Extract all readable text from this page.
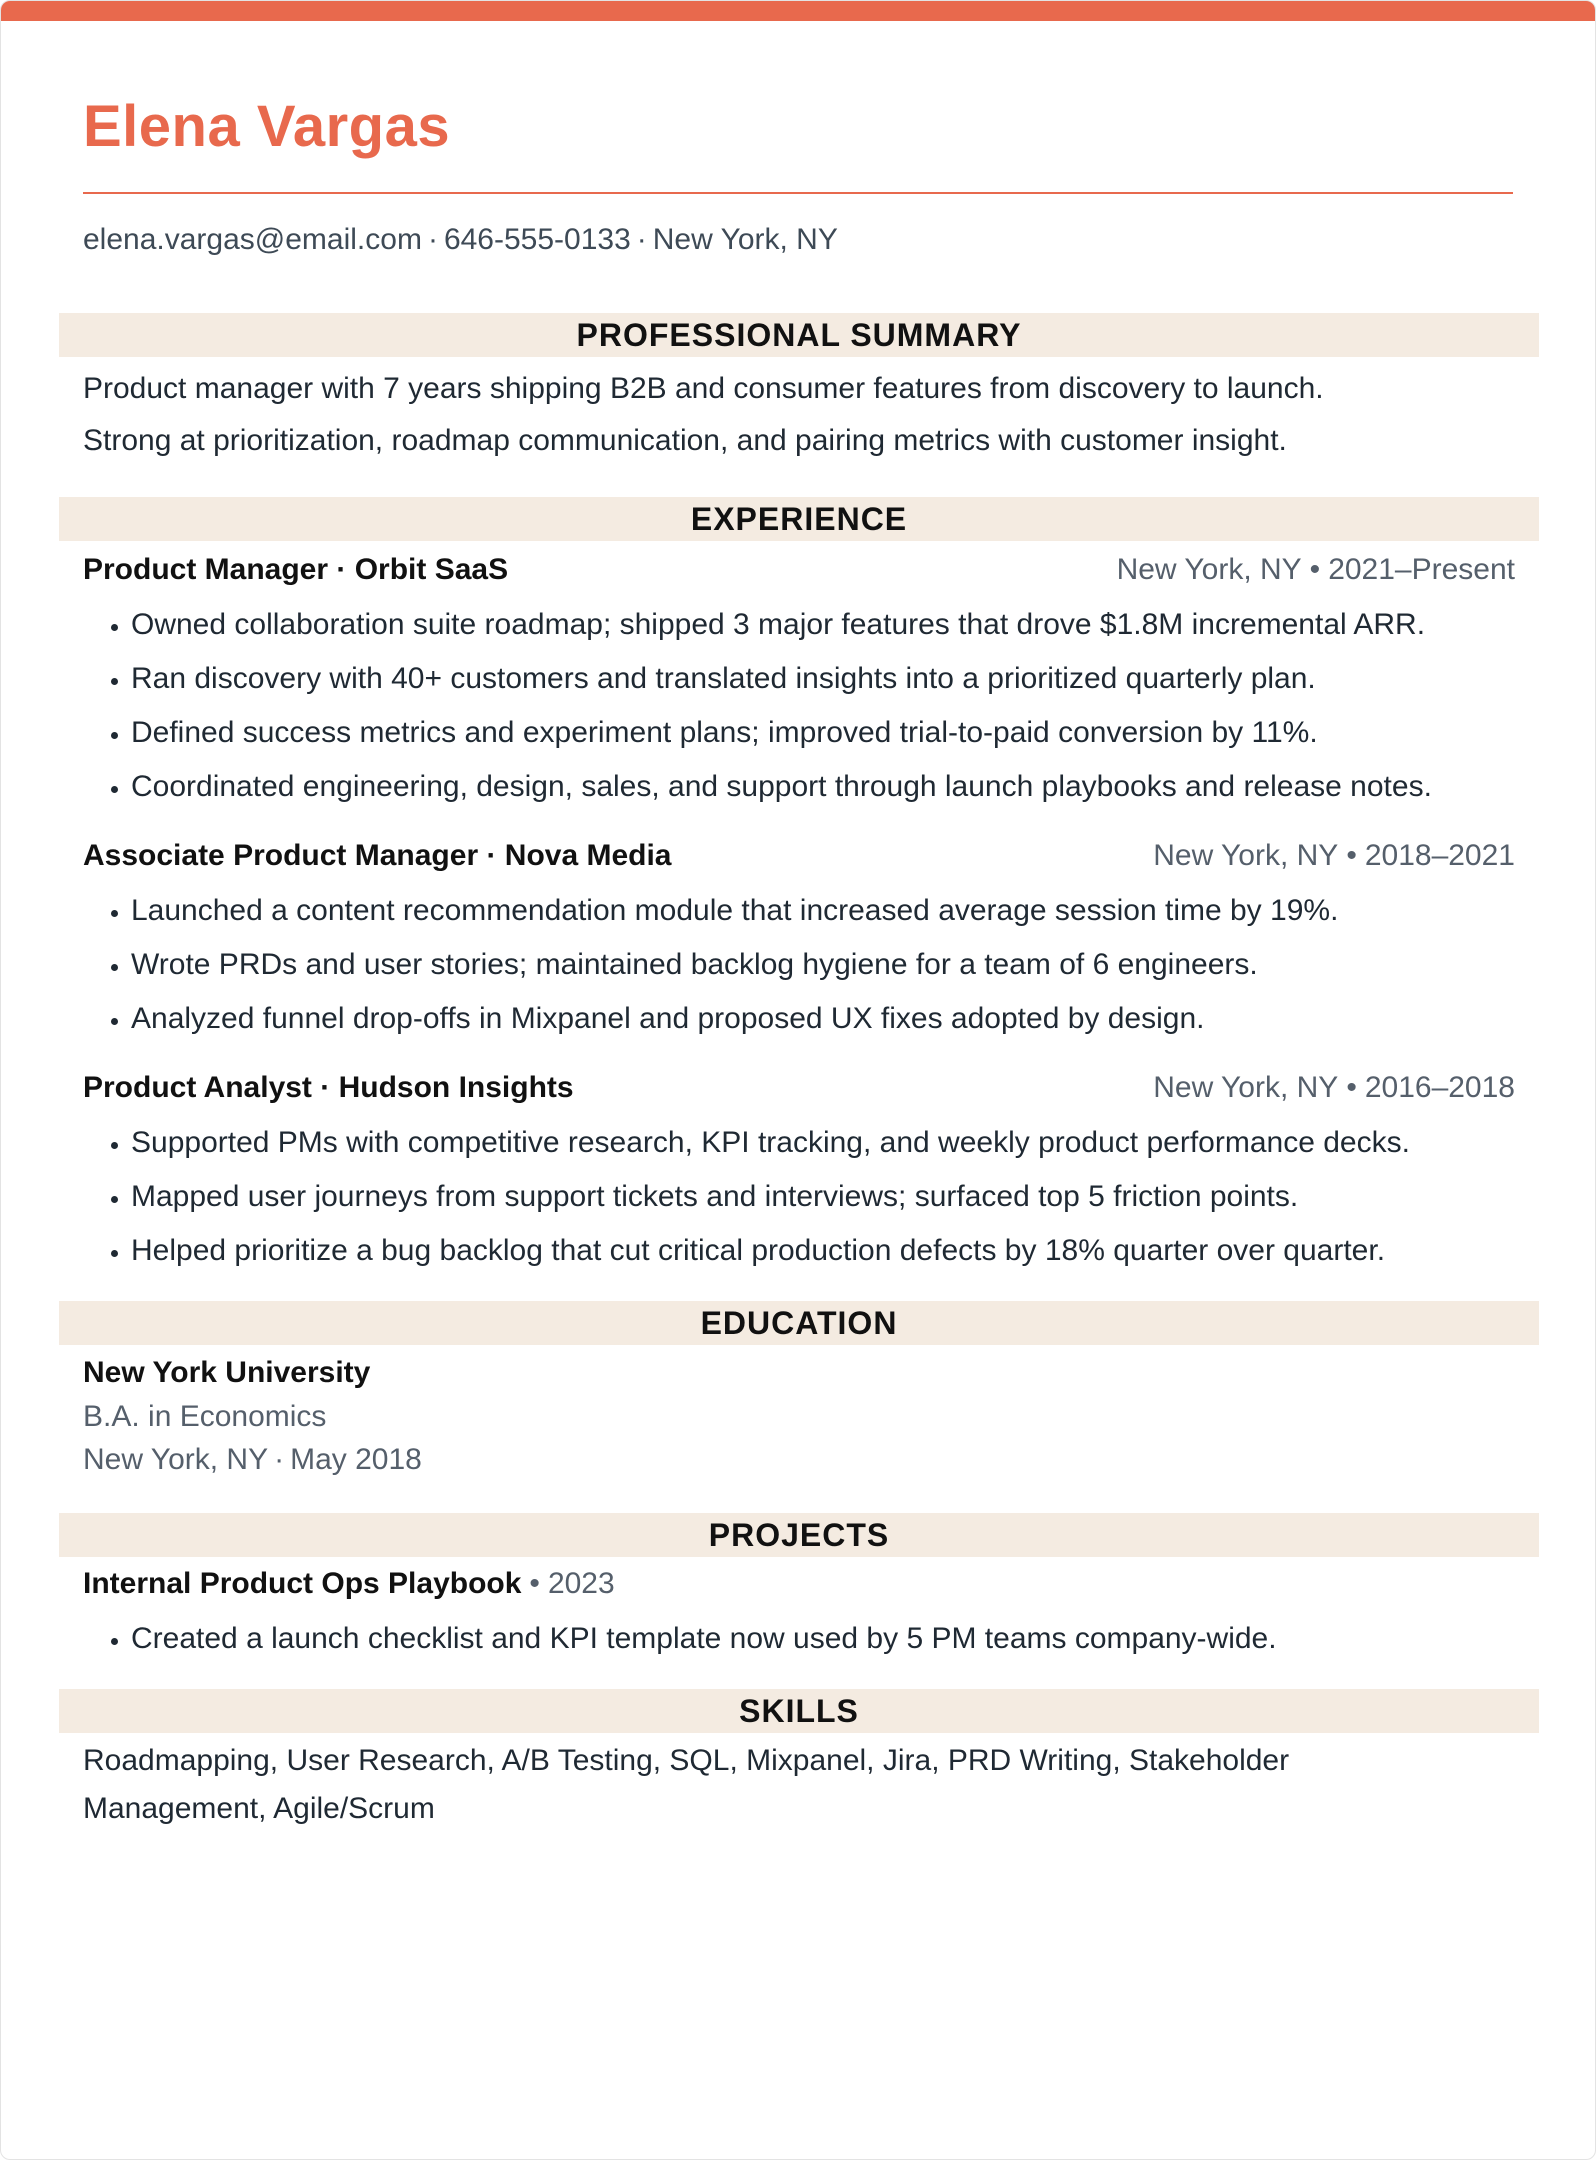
Elena Vargas
elena.vargas@email.com · 646-555-0133 · New York, NY
PROFESSIONAL SUMMARY
Product manager with 7 years shipping B2B and consumer features from discovery to launch.
Strong at prioritization, roadmap communication, and pairing metrics with customer insight.
EXPERIENCE
Product Manager · Orbit SaaS	New York, NY • 2021–Present
• Owned collaboration suite roadmap; shipped 3 major features that drove $1.8M incremental ARR.
• Ran discovery with 40+ customers and translated insights into a prioritized quarterly plan.
• Defined success metrics and experiment plans; improved trial-to-paid conversion by 11%.
• Coordinated engineering, design, sales, and support through launch playbooks and release notes.
Associate Product Manager · Nova Media	New York, NY • 2018–2021
• Launched a content recommendation module that increased average session time by 19%.
• Wrote PRDs and user stories; maintained backlog hygiene for a team of 6 engineers.
• Analyzed funnel drop-offs in Mixpanel and proposed UX fixes adopted by design.
Product Analyst · Hudson Insights	New York, NY • 2016–2018
• Supported PMs with competitive research, KPI tracking, and weekly product performance decks.
• Mapped user journeys from support tickets and interviews; surfaced top 5 friction points.
• Helped prioritize a bug backlog that cut critical production defects by 18% quarter over quarter.
EDUCATION
New York University
B.A. in Economics
New York, NY · May 2018
PROJECTS
Internal Product Ops Playbook • 2023
• Created a launch checklist and KPI template now used by 5 PM teams company-wide.
SKILLS
Roadmapping, User Research, A/B Testing, SQL, Mixpanel, Jira, PRD Writing, Stakeholder
Management, Agile/Scrum
